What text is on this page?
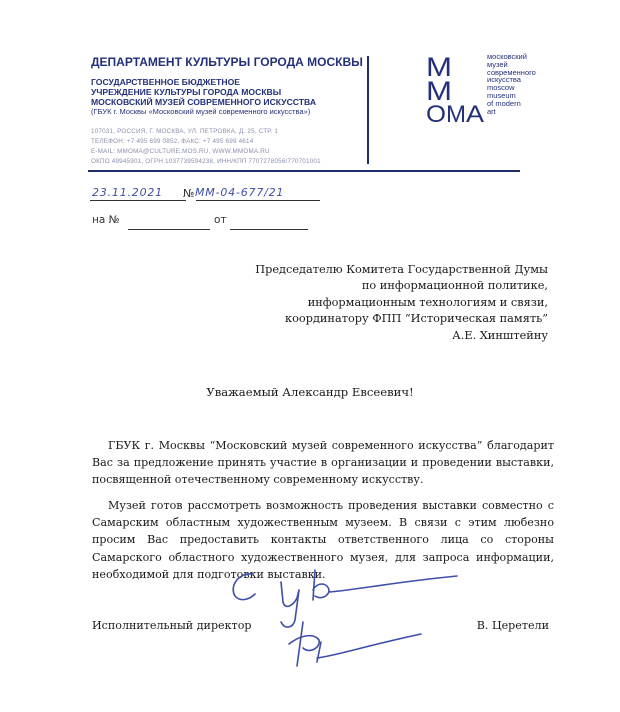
ДЕПАРТАМЕНТ КУЛЬТУРЫ ГОРОДА МОСКВЫ
ГОСУДАРСТВЕННОЕ БЮДЖЕТНОЕ
УЧРЕЖДЕНИЕ КУЛЬТУРЫ ГОРОДА МОСКВЫ
МОСКОВСКИЙ МУЗЕЙ СОВРЕМЕННОГО ИСКУССТВА
(ГБУК г. Москвы «Московский музей современного искусства»)
107031, РОССИЯ, Г. МОСКВА, УЛ. ПЕТРОВКА, Д. 25, СТР. 1
ТЕЛЕФОН: +7 495 699 0852, ФАКС: +7 495 699 4614
E-MAIL: MMOMA@CULTURE.MOS.RU, WWW.MMOMA.RU
ОКПО 49945901, ОГРН 1037739594238, ИНН/КПП 7707278056/770701001
М
М
О М А
московский
музей
современного
искусства
moscow
museum
of modern
art
23.11.2021 № ММ-04-677/21
на №	от
Председателю Комитета Государственной Думы
по информационной политике,
информационным технологиям и связи,
координатору ФПП “Историческая память”
А.Е. Хинштейну
Уважаемый Александр Евсеевич!
ГБУК г. Москвы “Московский музей современного искусства” благодарит Вас за предложение принять участие в организации и проведении выставки, посвященной отечественному современному искусству.
Музей готов рассмотреть возможность проведения выставки совместно с Самарским областным художественным музеем. В связи с этим любезно просим Вас предоставить контакты ответственного лица со стороны Самарского областного художественного музея, для запроса информации, необходимой для подготовки выставки.
Исполнительный директор	В. Церетели
